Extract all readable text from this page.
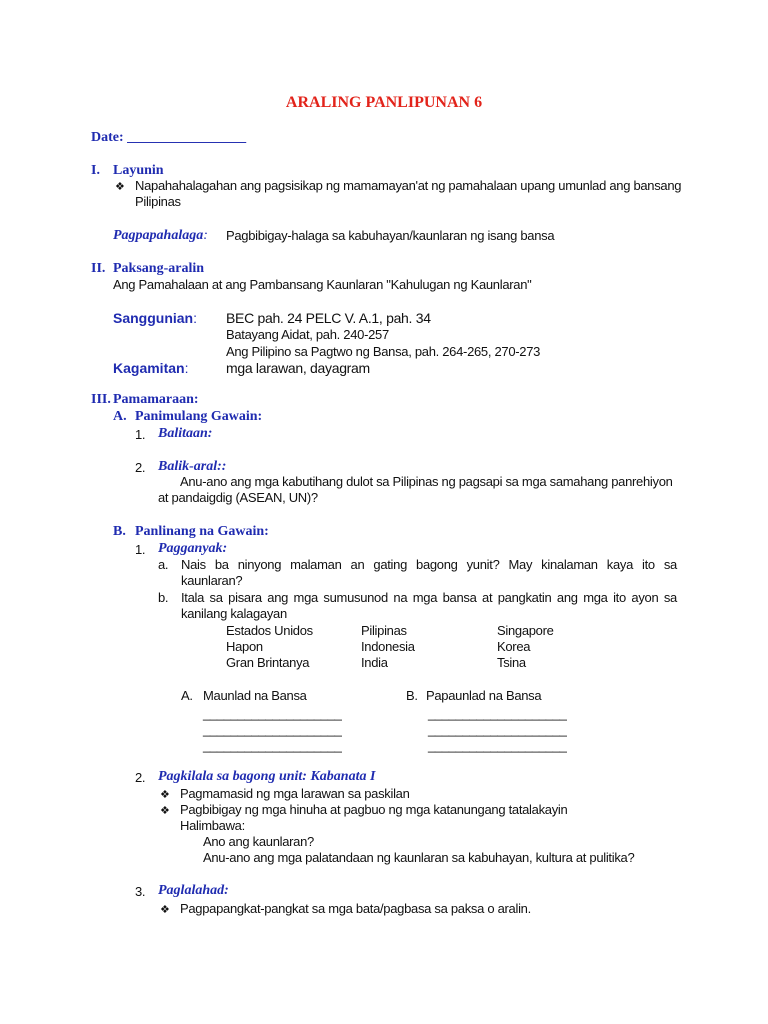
ARALING PANLIPUNAN 6
Date: _________________
I. Layunin
❖ Napahahalagahan ang pagsisikap ng mamamayan'at ng pamahalaan upang umunlad ang bansang
Pilipinas
Pagpapahalaga: Pagbibigay-halaga sa kabuhayan/kaunlaran ng isang bansa
II. Paksang-aralin
Ang Pamahalaan at ang Pambansang Kaunlaran "Kahulugan ng Kaunlaran"
Sanggunian: BEC pah. 24 PELC V. A.1, pah. 34
Batayang Aidat, pah. 240-257
Ang Pilipino sa Pagtwo ng Bansa, pah. 264-265, 270-273
Kagamitan:	mga larawan, dayagram
III. Pamamaraan:
A. Panimulang Gawain:
1. Balitaan:
2. Balik-aral::
Anu-ano ang mga kabutihang dulot sa Pilipinas ng pagsapi sa mga samahang panrehiyon
at pandaigdig (ASEAN, UN)?
B. Panlinang na Gawain:
1. Pagganyak:
a. Nais ba ninyong malaman an gating bagong yunit? May kinalaman kaya ito sa
kaunlaran?
b. Itala sa pisara ang mga sumusunod na mga bansa at pangkatin ang mga ito ayon sa
kanilang kalagayan
Estados Unidos	Pilipinas	Singapore
Hapon	Indonesia	Korea
Gran Brintanya	India	Tsina
A. Maunlad na Bansa	B. Papaunlad na Bansa
____________________
____________________
____________________
____________________
____________________
____________________
2. Pagkilala sa bagong unit: Kabanata I
❖ Pagmamasid ng mga larawan sa paskilan
❖ Pagbibigay ng mga hinuha at pagbuo ng mga katanungang tatalakayin
Halimbawa:
Ano ang kaunlaran?
Anu-ano ang mga palatandaan ng kaunlaran sa kabuhayan, kultura at pulitika?
3. Paglalahad:
❖ Pagpapangkat-pangkat sa mga bata/pagbasa sa paksa o aralin.
